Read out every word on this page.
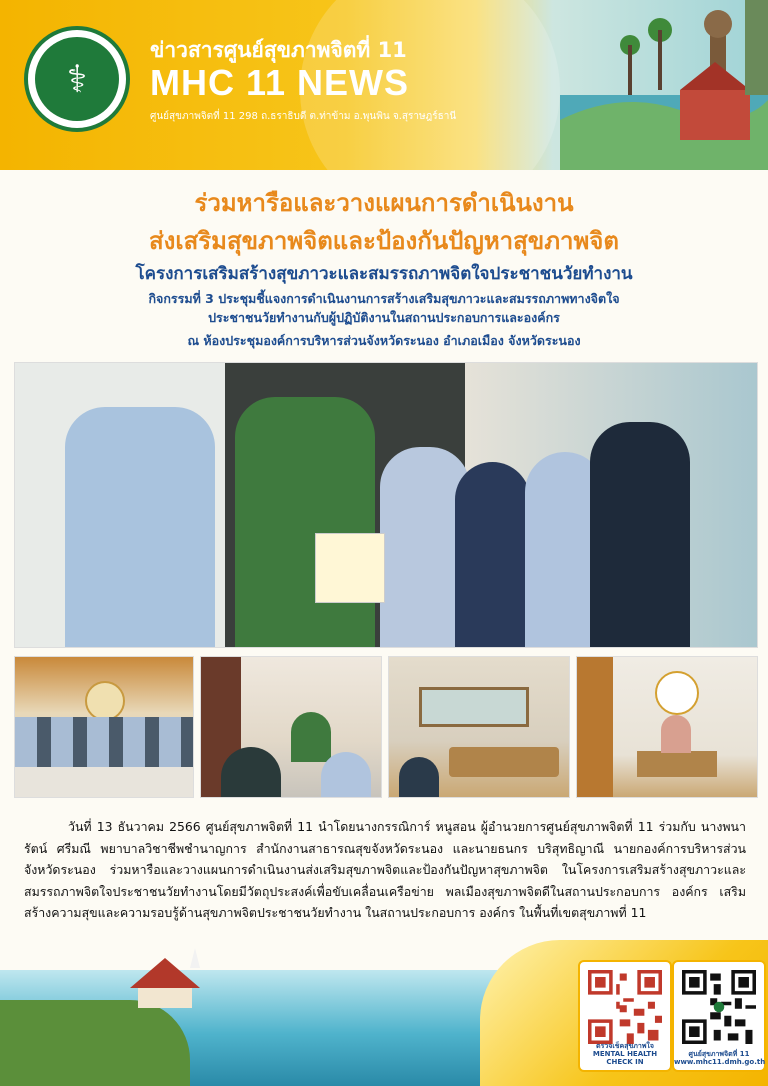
⚕
ข่าวสารศูนย์สุขภาพจิตที่ 11
MHC 11 NEWS
ศูนย์สุขภาพจิตที่ 11 298 ถ.ธราธิบดี ต.ท่าข้าม อ.พุนพิน จ.สุราษฎร์ธานี
ร่วมหารือและวางแผนการดำเนินงาน
ส่งเสริมสุขภาพจิตและป้องกันปัญหาสุขภาพจิต
โครงการเสริมสร้างสุขภาวะและสมรรถภาพจิตใจประชาชนวัยทำงาน
กิจกรรมที่ 3 ประชุมชี้แจงการดำเนินงานการสร้างเสริมสุขภาวะและสมรรถภาพทางจิตใจ
ประชาชนวัยทำงานกับผู้ปฏิบัติงานในสถานประกอบการและองค์กร
ณ ห้องประชุมองค์การบริหารส่วนจังหวัดระนอง อำเภอเมือง จังหวัดระนอง

วันที่ 13 ธันวาคม 2566 ศูนย์สุขภาพจิตที่ 11 นำโดยนางกรรณิการ์ หนูสอน ผู้อำนวยการศูนย์สุขภาพจิตที่ 11 ร่วมกับ นางพนารัตน์ ศรีมณี พยาบาลวิชาชีพชำนาญการ สำนักงานสาธารณสุขจังหวัดระนอง และนายธนกร บริสุทธิญาณี นายกองค์การบริหารส่วนจังหวัดระนอง ร่วมหารือและวางแผนการดำเนินงานส่งเสริมสุขภาพจิตและป้องกันปัญหาสุขภาพจิต ในโครงการเสริมสร้างสุขภาวะและสมรรถภาพจิตใจประชาชนวัยทำงานโดยมีวัตถุประสงค์เพื่อขับเคลื่อนเครือข่าย พลเมืองสุขภาพจิตดีในสถานประกอบการ องค์กร เสริมสร้างความสุขและความรอบรู้ด้านสุขภาพจิตประชาชนวัยทำงาน ในสถานประกอบการ องค์กร ในพื้นที่เขตสุขภาพที่ 11

ตรวจเช็คสุขภาพใจ MENTAL HEALTH CHECK IN
ศูนย์สุขภาพจิตที่ 11 www.mhc11.dmh.go.th
